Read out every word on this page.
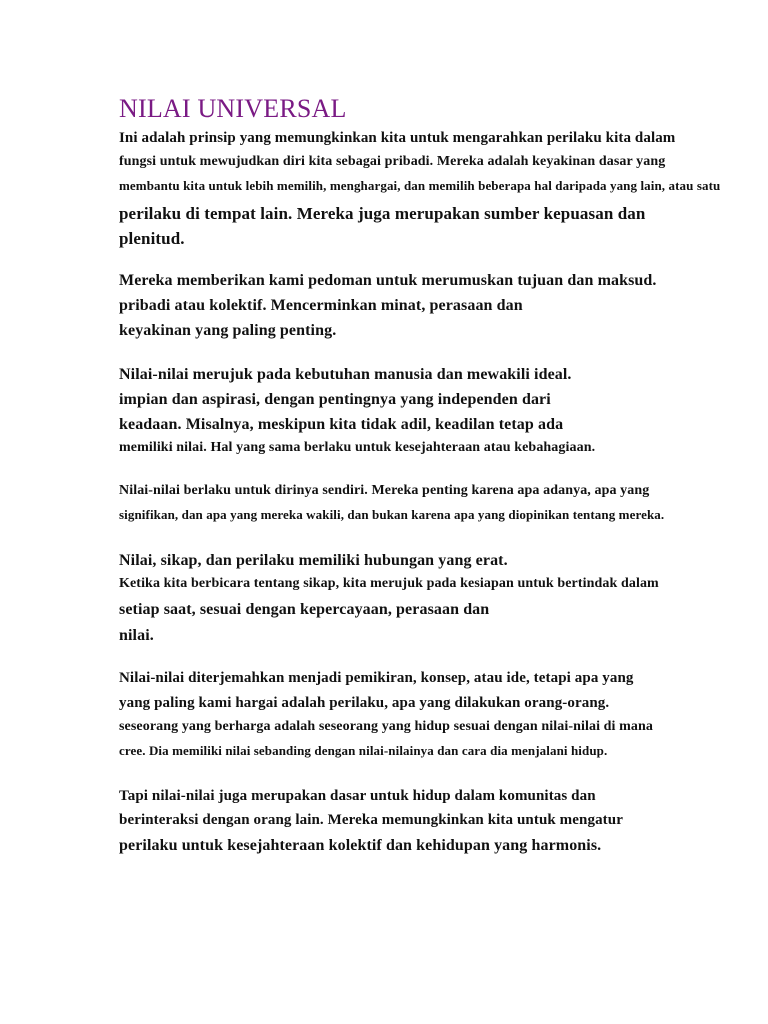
NILAI UNIVERSAL
Ini adalah prinsip yang memungkinkan kita untuk mengarahkan perilaku kita dalam
fungsi untuk mewujudkan diri kita sebagai pribadi. Mereka adalah keyakinan dasar yang
membantu kita untuk lebih memilih, menghargai, dan memilih beberapa hal daripada yang lain, atau satu
perilaku di tempat lain. Mereka juga merupakan sumber kepuasan dan
plenitud.
Mereka memberikan kami pedoman untuk merumuskan tujuan dan maksud.
pribadi atau kolektif. Mencerminkan minat, perasaan dan
keyakinan yang paling penting.
Nilai-nilai merujuk pada kebutuhan manusia dan mewakili ideal.
impian dan aspirasi, dengan pentingnya yang independen dari
keadaan. Misalnya, meskipun kita tidak adil, keadilan tetap ada
memiliki nilai. Hal yang sama berlaku untuk kesejahteraan atau kebahagiaan.
Nilai-nilai berlaku untuk dirinya sendiri. Mereka penting karena apa adanya, apa yang
signifikan, dan apa yang mereka wakili, dan bukan karena apa yang diopinikan tentang mereka.
Nilai, sikap, dan perilaku memiliki hubungan yang erat.
Ketika kita berbicara tentang sikap, kita merujuk pada kesiapan untuk bertindak dalam
setiap saat, sesuai dengan kepercayaan, perasaan dan
nilai.
Nilai-nilai diterjemahkan menjadi pemikiran, konsep, atau ide, tetapi apa yang
yang paling kami hargai adalah perilaku, apa yang dilakukan orang-orang.
seseorang yang berharga adalah seseorang yang hidup sesuai dengan nilai-nilai di mana
cree. Dia memiliki nilai sebanding dengan nilai-nilainya dan cara dia menjalani hidup.
Tapi nilai-nilai juga merupakan dasar untuk hidup dalam komunitas dan
berinteraksi dengan orang lain. Mereka memungkinkan kita untuk mengatur
perilaku untuk kesejahteraan kolektif dan kehidupan yang harmonis.
